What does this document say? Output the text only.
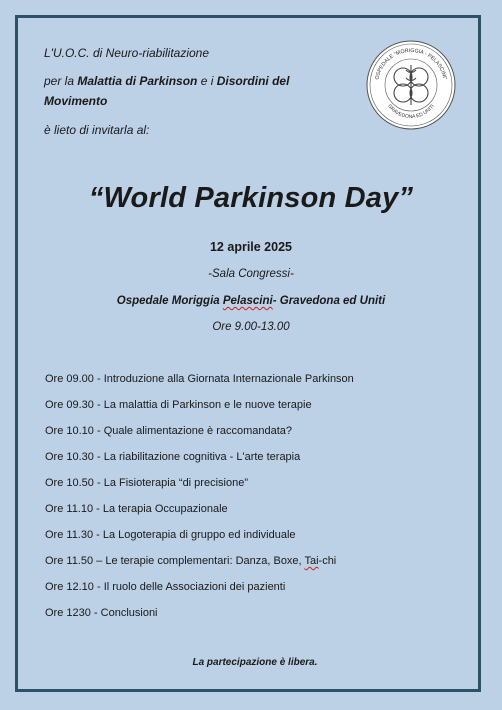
L'U.O.C. di Neuro-riabilitazione
per la Malattia di Parkinson e i Disordini del
Movimento
è lieto di invitarla al:
OSPEDALE "MORIGGIA - PELASCINI"
GRAVEDONA ED UNITI
“World Parkinson Day”
12 aprile 2025
-Sala Congressi-
Ospedale Moriggia Pelascini- Gravedona ed Uniti
Ore 9.00-13.00
Ore 09.00 - Introduzione alla Giornata Internazionale Parkinson
Ore 09.30 - La malattia di Parkinson e le nuove terapie
Ore 10.10 - Quale alimentazione è raccomandata?
Ore 10.30 - La riabilitazione cognitiva - L'arte terapia
Ore 10.50 - La Fisioterapia “di precisione”
Ore 11.10 - La terapia Occupazionale
Ore 11.30 - La Logoterapia di gruppo ed individuale
Ore 11.50 – Le terapie complementari: Danza, Boxe, Tai-chi
Ore 12.10 - Il ruolo delle Associazioni dei pazienti
Ore 1230 - Conclusioni
La partecipazione è libera.
